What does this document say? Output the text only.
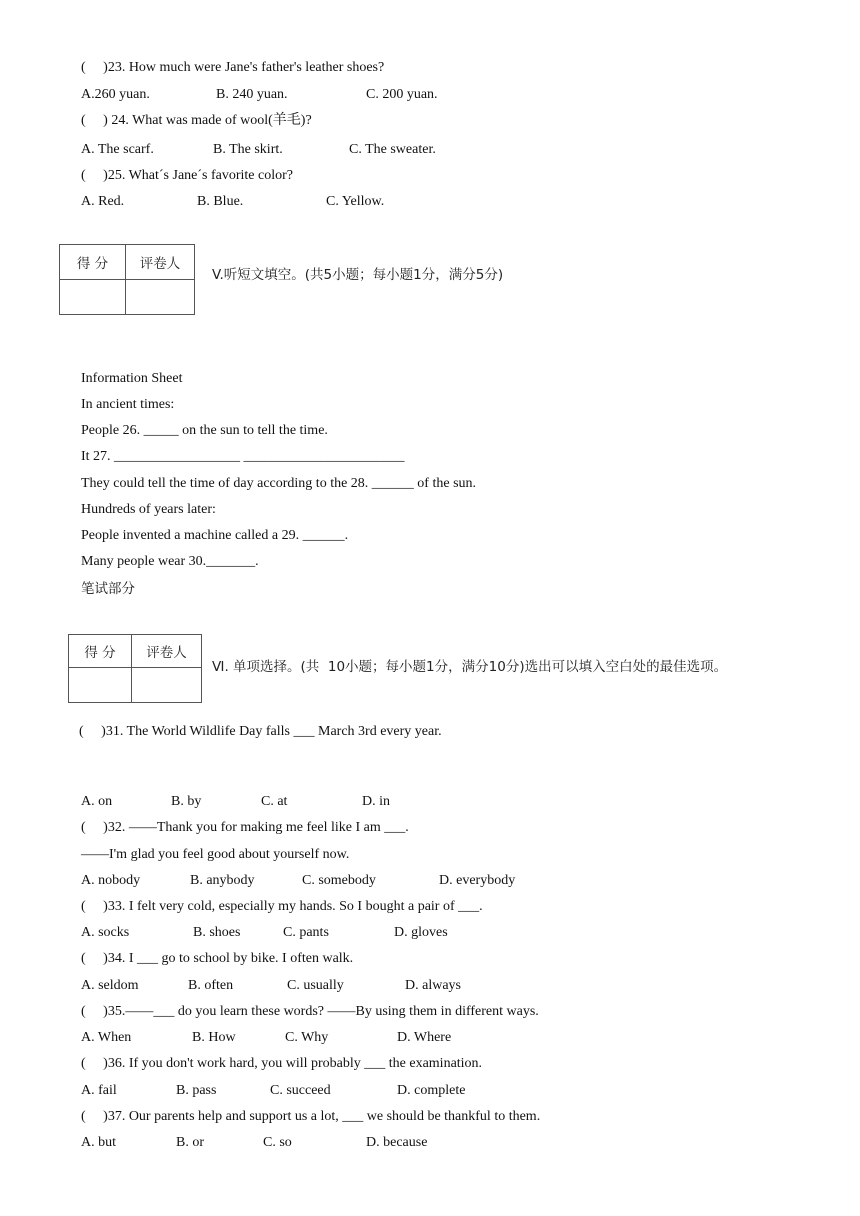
(     )23. How much were Jane's father's leather shoes?
A.260 yuan.	B. 240 yuan.	C. 200 yuan.
(     ) 24. What was made of wool(羊毛)?
A. The scarf.	B. The skirt.	C. The sweater.
(     )25. What´s Jane´s favorite color?
A. Red.	B. Blue.	C. Yellow.
得 分	评卷人

V.听短文填空。(共5小题；每小题1分，满分5分)
Information Sheet
In ancient times:
People 26. _____ on the sun to tell the time.
It 27. __________________ _______________________
They could tell the time of day according to the 28. ______ of the sun.
Hundreds of years later:
People invented a machine called a 29. ______.
Many people wear 30._______.
笔试部分
得 分	评卷人

Ⅵ. 单项选择。(共  10小题；每小题1分，满分10分)选出可以填入空白处的最佳选项。
(     )31. The World Wildlife Day falls ___ March 3rd every year.
A. on	B. by	C. at	D. in
(     )32. ——Thank you for making me feel like I am ___.
——I'm glad you feel good about yourself now.
A. nobody	B. anybody	C. somebody	D. everybody
(     )33. I felt very cold, especially my hands. So I bought a pair of ___.
A. socks	B. shoes	C. pants	D. gloves
(     )34. I ___ go to school by bike. I often walk.
A. seldom	B. often	C. usually	D. always
(     )35.——___ do you learn these words? ——By using them in different ways.
A. When	B. How	C. Why	D. Where
(     )36. If you don't work hard, you will probably ___ the examination.
A. fail	B. pass	C. succeed	D. complete
(     )37. Our parents help and support us a lot, ___ we should be thankful to them.
A. but	B. or	C. so	D. because
